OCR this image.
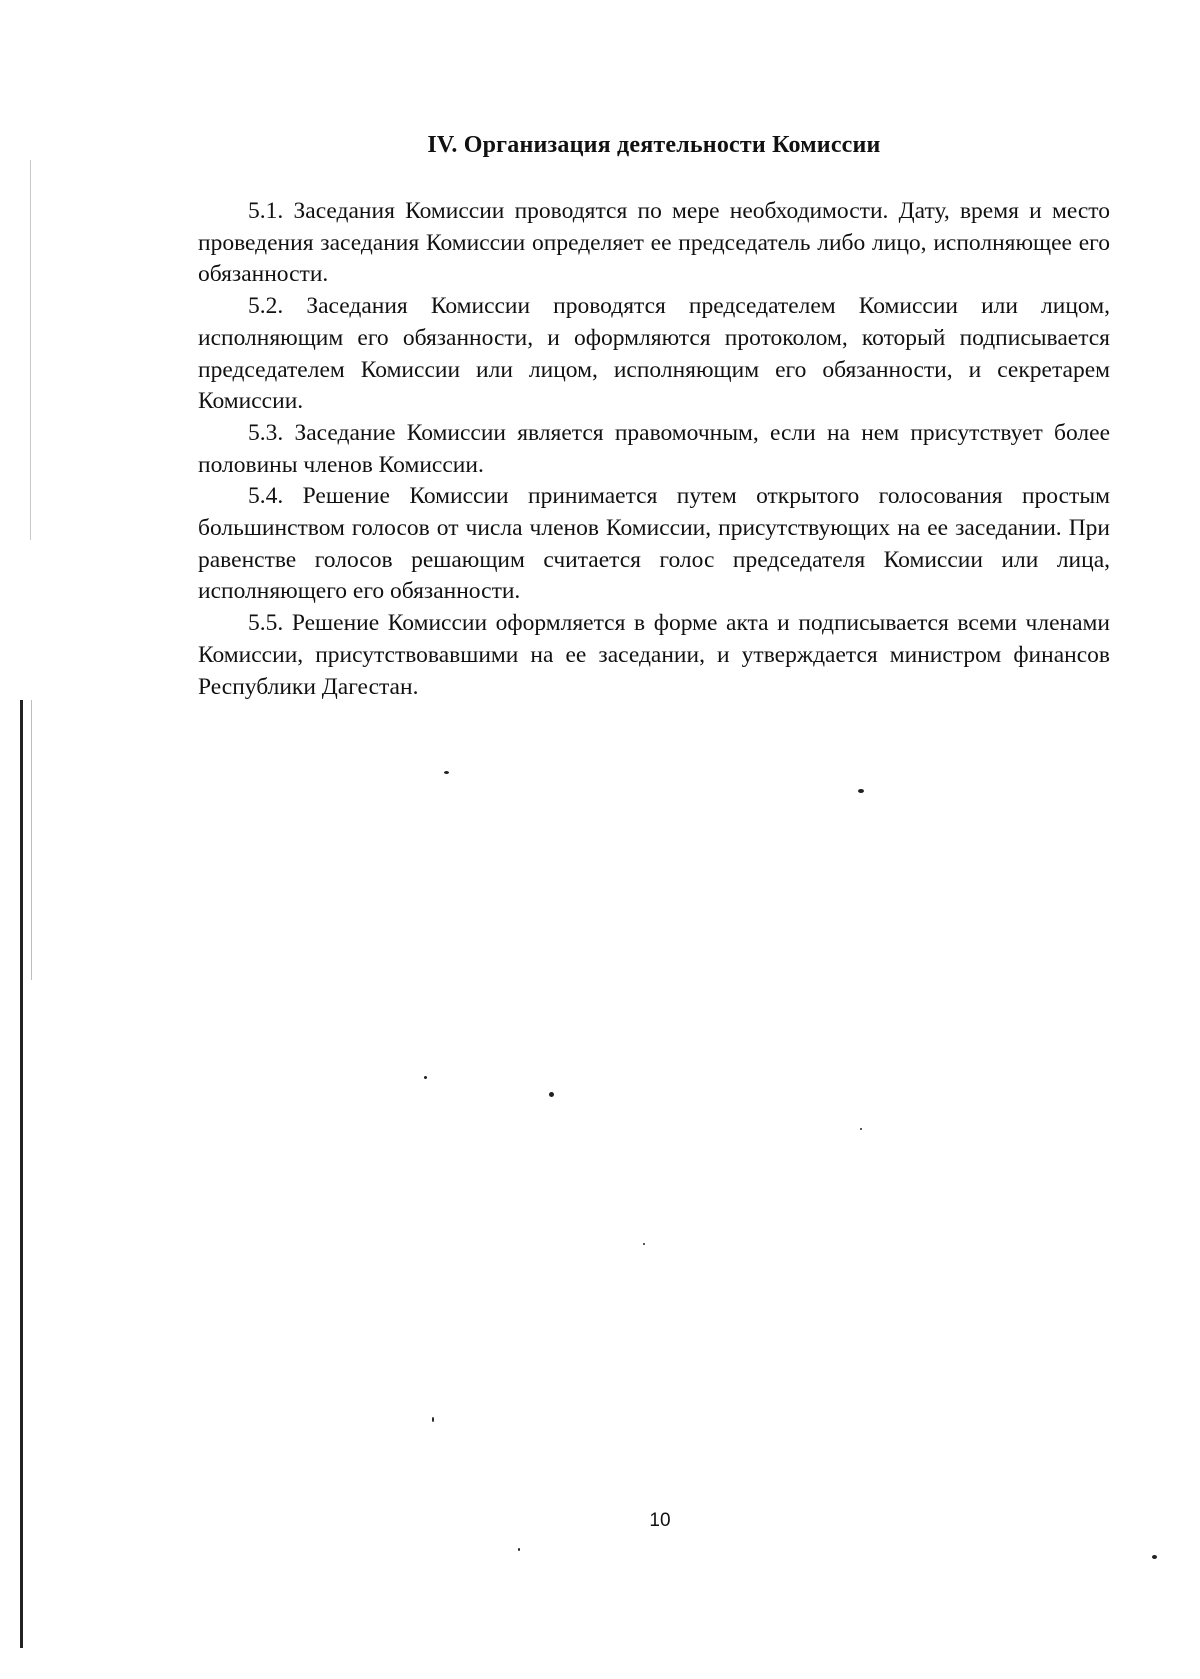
IV. Организация деятельности Комиссии

5.1. Заседания Комиссии проводятся по мере необходимости. Дату, время и место проведения заседания Комиссии определяет ее председатель либо лицо, исполняющее его обязанности.

5.2. Заседания Комиссии проводятся председателем Комиссии или лицом, исполняющим его обязанности, и оформляются протоколом, который подписывается председателем Комиссии или лицом, исполняющим его обязанности, и секретарем Комиссии.

5.3. Заседание Комиссии является правомочным, если на нем присутствует более половины членов Комиссии.

5.4. Решение Комиссии принимается путем открытого голосования простым большинством голосов от числа членов Комиссии, присутствующих на ее заседании. При равенстве голосов решающим считается голос председателя Комиссии или лица, исполняющего его обязанности.

5.5. Решение Комиссии оформляется в форме акта и подписывается всеми членами Комиссии, присутствовавшими на ее заседании, и утверждается министром финансов Республики Дагестан.

10
